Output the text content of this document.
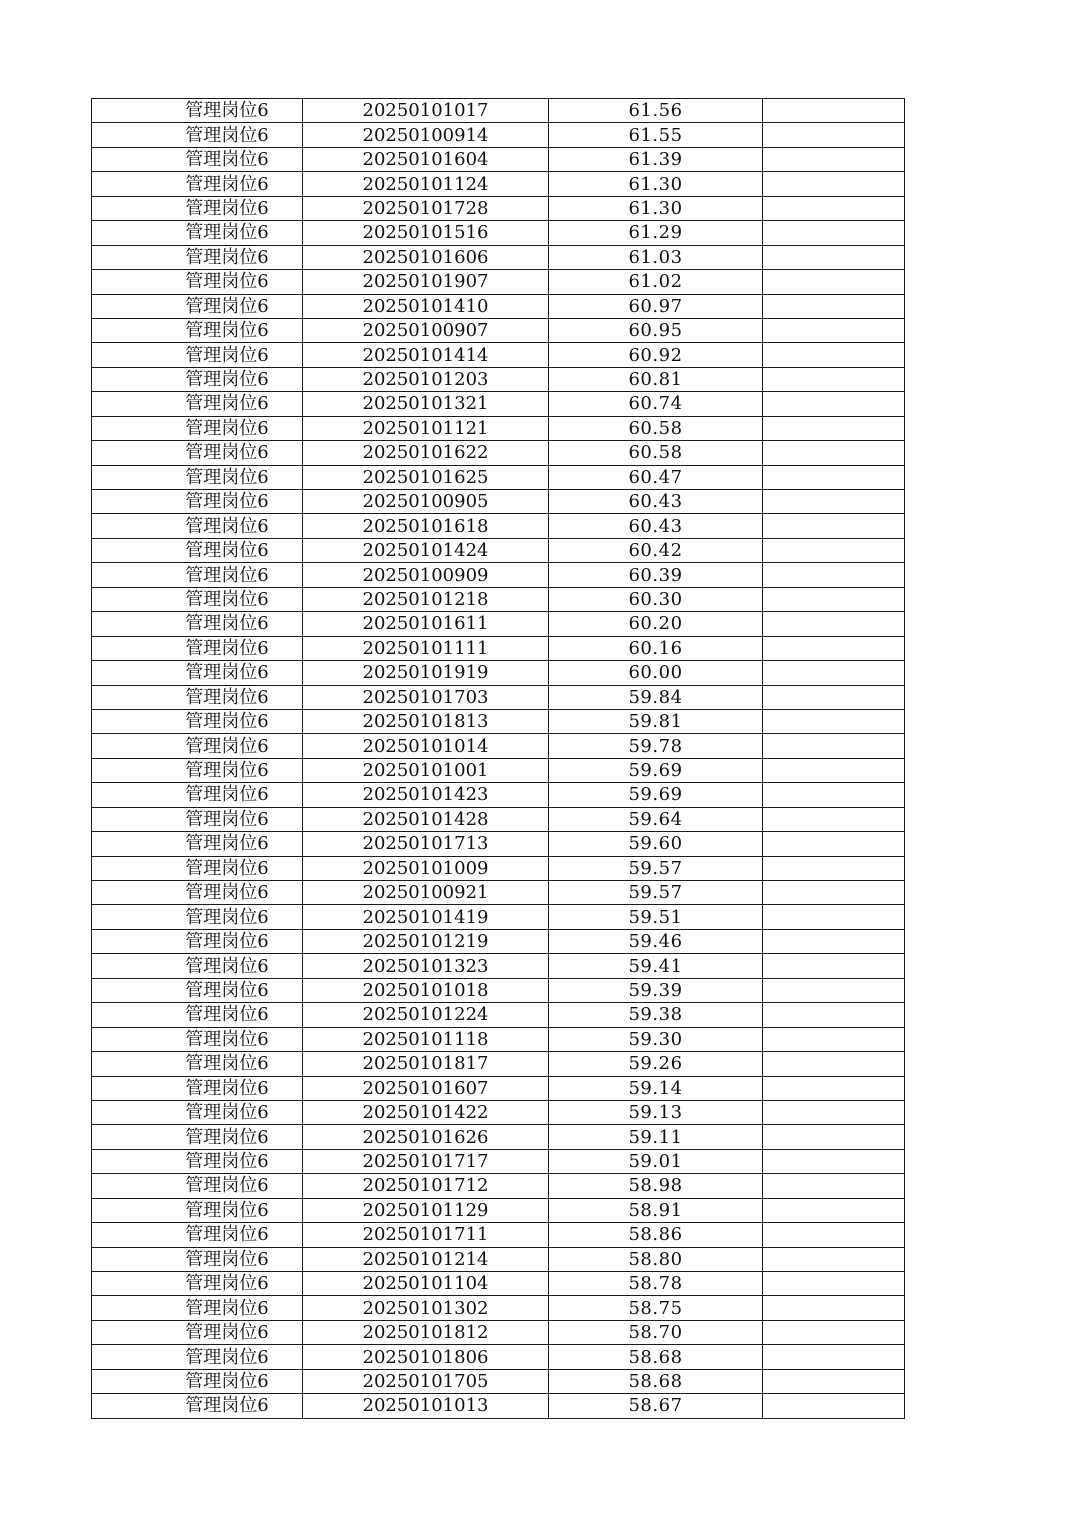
管理岗位6	20250101017	61.56	
管理岗位6	20250100914	61.55	
管理岗位6	20250101604	61.39	
管理岗位6	20250101124	61.30	
管理岗位6	20250101728	61.30	
管理岗位6	20250101516	61.29	
管理岗位6	20250101606	61.03	
管理岗位6	20250101907	61.02	
管理岗位6	20250101410	60.97	
管理岗位6	20250100907	60.95	
管理岗位6	20250101414	60.92	
管理岗位6	20250101203	60.81	
管理岗位6	20250101321	60.74	
管理岗位6	20250101121	60.58	
管理岗位6	20250101622	60.58	
管理岗位6	20250101625	60.47	
管理岗位6	20250100905	60.43	
管理岗位6	20250101618	60.43	
管理岗位6	20250101424	60.42	
管理岗位6	20250100909	60.39	
管理岗位6	20250101218	60.30	
管理岗位6	20250101611	60.20	
管理岗位6	20250101111	60.16	
管理岗位6	20250101919	60.00	
管理岗位6	20250101703	59.84	
管理岗位6	20250101813	59.81	
管理岗位6	20250101014	59.78	
管理岗位6	20250101001	59.69	
管理岗位6	20250101423	59.69	
管理岗位6	20250101428	59.64	
管理岗位6	20250101713	59.60	
管理岗位6	20250101009	59.57	
管理岗位6	20250100921	59.57	
管理岗位6	20250101419	59.51	
管理岗位6	20250101219	59.46	
管理岗位6	20250101323	59.41	
管理岗位6	20250101018	59.39	
管理岗位6	20250101224	59.38	
管理岗位6	20250101118	59.30	
管理岗位6	20250101817	59.26	
管理岗位6	20250101607	59.14	
管理岗位6	20250101422	59.13	
管理岗位6	20250101626	59.11	
管理岗位6	20250101717	59.01	
管理岗位6	20250101712	58.98	
管理岗位6	20250101129	58.91	
管理岗位6	20250101711	58.86	
管理岗位6	20250101214	58.80	
管理岗位6	20250101104	58.78	
管理岗位6	20250101302	58.75	
管理岗位6	20250101812	58.70	
管理岗位6	20250101806	58.68	
管理岗位6	20250101705	58.68	
管理岗位6	20250101013	58.67	
